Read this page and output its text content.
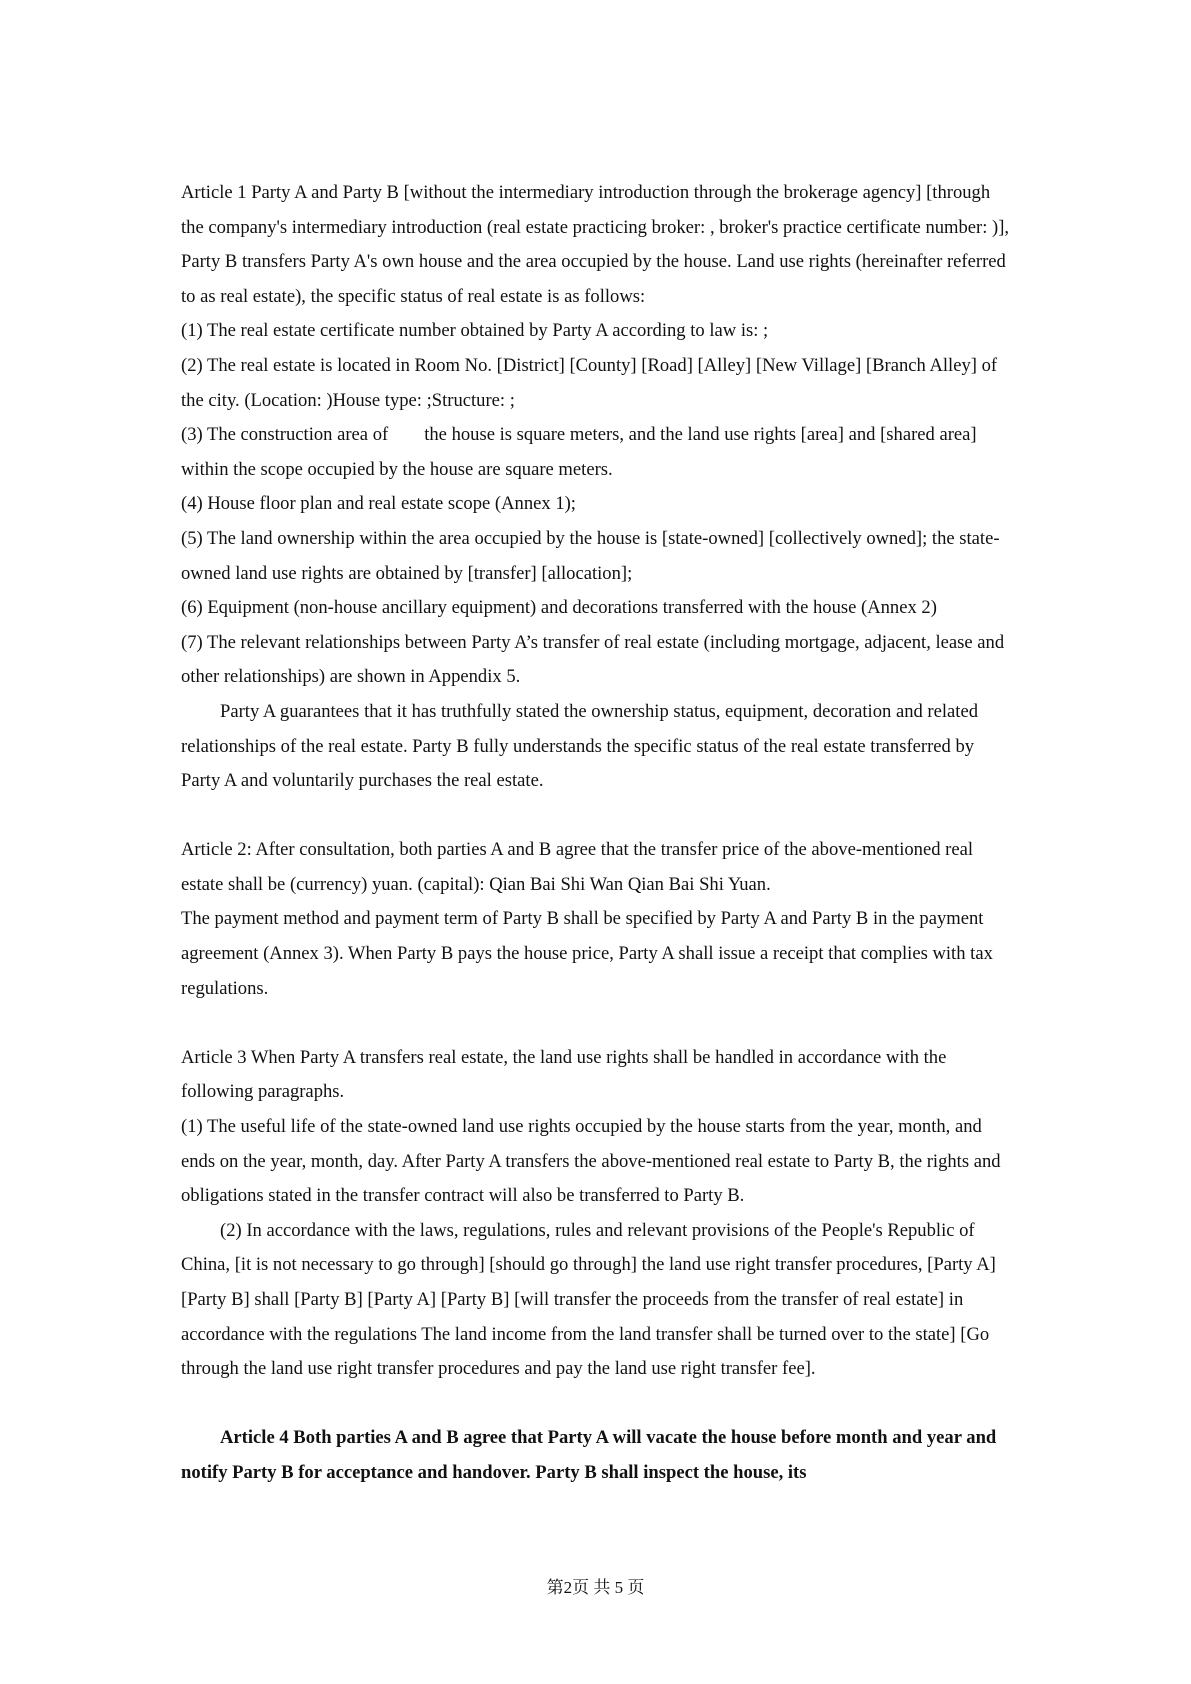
Article 1 Party A and Party B [without the intermediary introduction through the brokerage agency] [through the company's intermediary introduction (real estate practicing broker: , broker's practice certificate number: )], Party B transfers Party A's own house and the area occupied by the house. Land use rights (hereinafter referred to as real estate), the specific status of real estate is as follows:

(1) The real estate certificate number obtained by Party A according to law is: ;

(2) The real estate is located in Room No. [District] [County] [Road] [Alley] [New Village] [Branch Alley] of the city. (Location: )House type: ;Structure: ;

(3) The construction area of the house is square meters, and the land use rights [area] and [shared area] within the scope occupied by the house are square meters.

(4) House floor plan and real estate scope (Annex 1);

(5) The land ownership within the area occupied by the house is [state-owned] [collectively owned]; the state-owned land use rights are obtained by [transfer] [allocation];

(6) Equipment (non-house ancillary equipment) and decorations transferred with the house (Annex 2)

(7) The relevant relationships between Party A’s transfer of real estate (including mortgage, adjacent, lease and other relationships) are shown in Appendix 5.

Party A guarantees that it has truthfully stated the ownership status, equipment, decoration and related relationships of the real estate. Party B fully understands the specific status of the real estate transferred by Party A and voluntarily purchases the real estate.

Article 2: After consultation, both parties A and B agree that the transfer price of the above-mentioned real estate shall be (currency) yuan. (capital): Qian Bai Shi Wan Qian Bai Shi Yuan.

The payment method and payment term of Party B shall be specified by Party A and Party B in the payment agreement (Annex 3). When Party B pays the house price, Party A shall issue a receipt that complies with tax regulations.

Article 3 When Party A transfers real estate, the land use rights shall be handled in accordance with the following paragraphs.

(1) The useful life of the state-owned land use rights occupied by the house starts from the year, month, and ends on the year, month, day. After Party A transfers the above-mentioned real estate to Party B, the rights and obligations stated in the transfer contract will also be transferred to Party B.

(2) In accordance with the laws, regulations, rules and relevant provisions of the People's Republic of China, [it is not necessary to go through] [should go through] the land use right transfer procedures, [Party A] [Party B] shall [Party B] [Party A] [Party B] [will transfer the proceeds from the transfer of real estate] in accordance with the regulations The land income from the land transfer shall be turned over to the state] [Go through the land use right transfer procedures and pay the land use right transfer fee].

Article 4 Both parties A and B agree that Party A will vacate the house before month and year and notify Party B for acceptance and handover. Party B shall inspect the house, its

第2页 共 5 页
